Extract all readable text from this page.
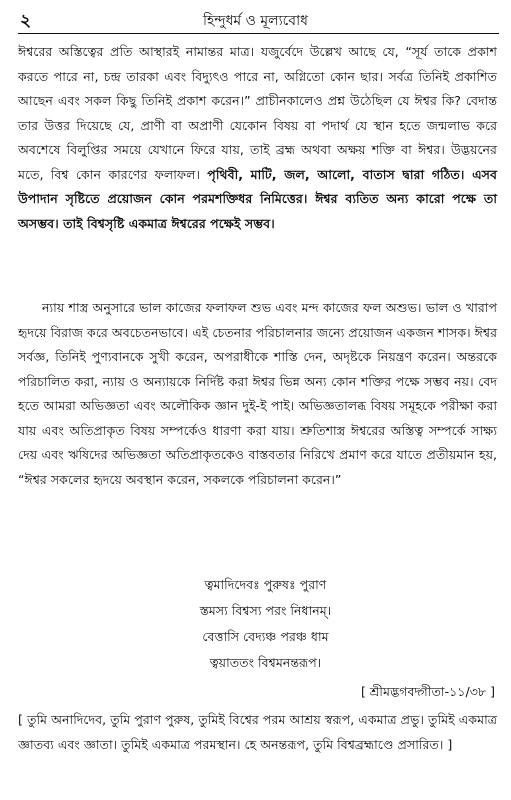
২	হিন্দুধর্ম ও মূল্যবোধ

ঈশ্বরের অস্তিত্বের প্রতি আস্থারই নামান্তর মাত্র। যজুর্বেদে উল্লেখ আছে যে, “সূর্য তাকে প্রকাশ করতে পারে না, চন্দ্র তারকা এবং বিদ্যুৎও পারে না, অগ্নিতো কোন ছার। সর্বত্র তিনিই প্রকাশিত আছেন এবং সকল কিছু তিনিই প্রকাশ করেন।” প্রাচীনকালেও প্রশ্ন উঠেছিল যে ঈশ্বর কি? বেদান্ত তার উত্তর দিয়েছে যে, প্রাণী বা অপ্রাণী যেকোন বিষয় বা পদার্থ যে স্থান হতে জন্মলাভ করে অবশেষে বিলুপ্তির সময়ে যেখানে ফিরে যায়, তাই ব্রহ্ম অথবা অক্ষয় শক্তি বা ঈশ্বর। উদ্ভয়নের মতে, বিশ্ব কোন কারণের ফলাফল। পৃথিবী, মাটি, জল, আলো, বাতাস দ্বারা গঠিত। এসব উপাদান সৃষ্টিতে প্রয়োজন কোন পরমশক্তিধর নিমিত্তের। ঈশ্বর ব্যতিত অন্য কারো পক্ষে তা অসম্ভব। তাই বিশ্বসৃষ্টি একমাত্র ঈশ্বরের পক্ষেই সম্ভব।

ন্যায় শাস্ত্র অনুসারে ভাল কাজের ফলাফল শুভ এবং মন্দ কাজের ফল অশুভ। ভাল ও খারাপ হৃদয়ে বিরাজ করে অবচেতনভাবে। এই চেতনার পরিচালনার জন্যে প্রয়োজন একজন শাসক। ঈশ্বর সর্বজ্ঞ, তিনিই পুণ্যবানকে সুখী করেন, অপরাধীকে শাস্তি দেন, অদৃষ্টকে নিয়ন্ত্রণ করেন। অন্তরকে পরিচালিত করা, ন্যায় ও অন্যায়কে নির্দিষ্ট করা ঈশ্বর ভিন্ন অন্য কোন শক্তির পক্ষে সম্ভব নয়। বেদ হতে আমরা অভিজ্ঞতা এবং অলৌকিক জ্ঞান দুই-ই পাই। অভিজ্ঞতালব্ধ বিষয় সমূহকে পরীক্ষা করা যায় এবং অতিপ্রাকৃত বিষয় সম্পর্কেও ধারণা করা যায়। শ্রুতিশাস্ত্র ঈশ্বরের অস্তিত্ব সম্পর্কে সাক্ষ্য দেয় এবং ঋষিদের অভিজ্ঞতা অতিপ্রাকৃতকেও বাস্তবতার নিরিখে প্রমাণ করে যাতে প্রতীয়মান হয়, “ঈশ্বর সকলের হৃদয়ে অবস্থান করেন, সকলকে পরিচালনা করেন।”

ত্বমাদিদেবঃ পুরুষঃ পুরাণ

স্তমস্য বিশ্বস্য পরং নিধানম্।

বেত্তাসি বেদ্যঞ্চ পরঞ্চ ধাম

ত্বয়াততং বিশ্বমনন্তরূপ।

[ শ্রীমদ্ভগবদ্গীতা-১১/৩৮ ]

[ তুমি অনাদিদেব, তুমি পুরাণ পুরুষ, তুমিই বিশ্বের পরম আশ্রয় স্বরূপ, একমাত্র প্রভু। তুমিই একমাত্র জ্ঞাতব্য এবং জ্ঞাতা। তুমিই একমাত্র পরমস্থান। হে অনন্তরূপ, তুমি বিশ্বব্রহ্মাণ্ডে প্রসারিত। ]
